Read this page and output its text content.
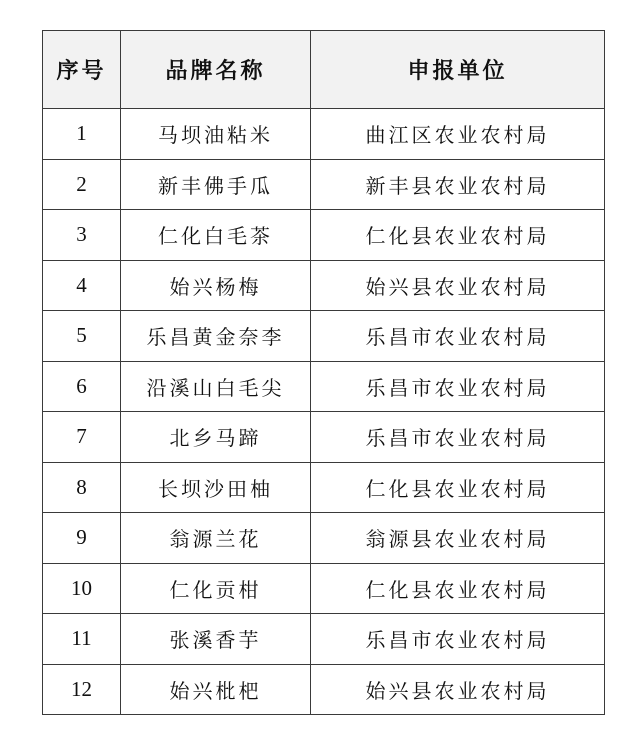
序号	品牌名称	申报单位
1	马坝油粘米	曲江区农业农村局
2	新丰佛手瓜	新丰县农业农村局
3	仁化白毛茶	仁化县农业农村局
4	始兴杨梅	始兴县农业农村局
5	乐昌黄金奈李	乐昌市农业农村局
6	沿溪山白毛尖	乐昌市农业农村局
7	北乡马蹄	乐昌市农业农村局
8	长坝沙田柚	仁化县农业农村局
9	翁源兰花	翁源县农业农村局
10	仁化贡柑	仁化县农业农村局
11	张溪香芋	乐昌市农业农村局
12	始兴枇杷	始兴县农业农村局
